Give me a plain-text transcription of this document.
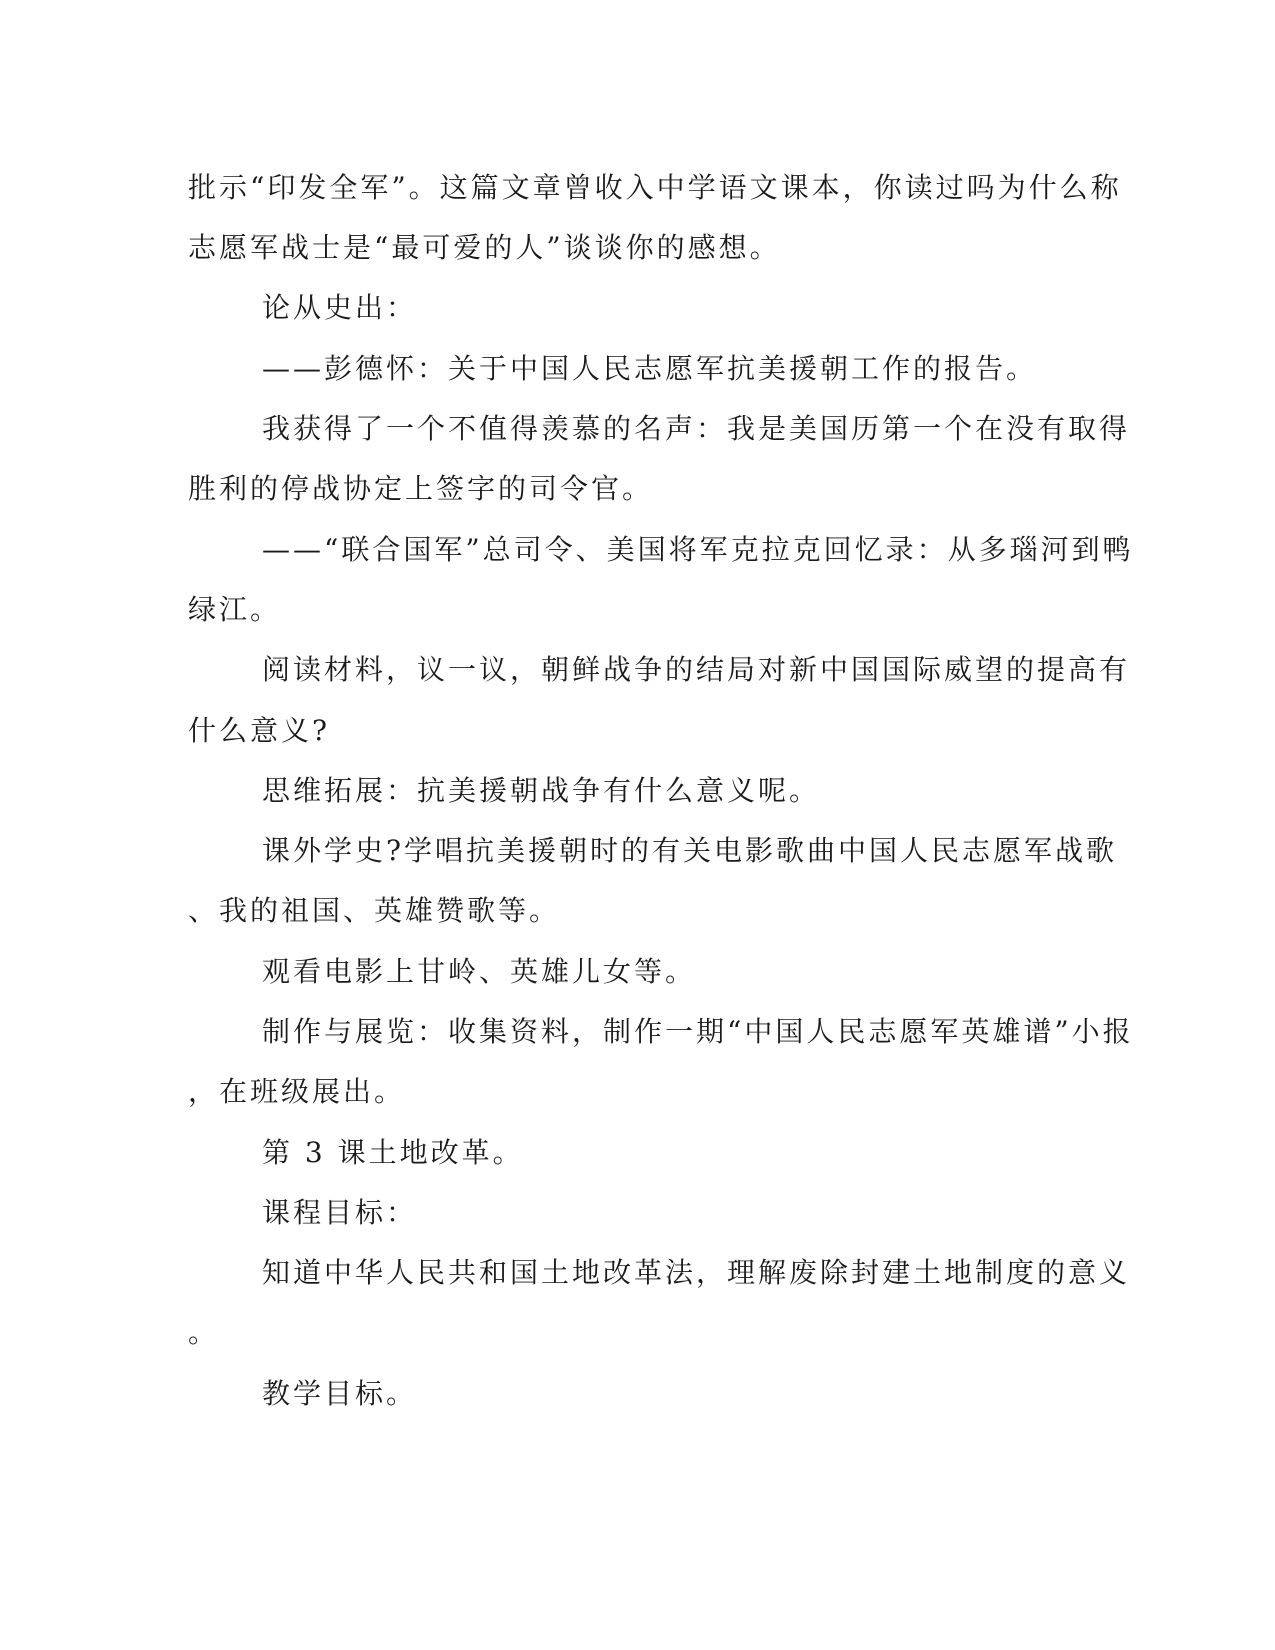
批示“印发全军”。这篇文章曾收入中学语文课本，你读过吗为什么称
志愿军战士是“最可爱的人”谈谈你的感想。
论从史出：
——彭德怀：关于中国人民志愿军抗美援朝工作的报告。
我获得了一个不值得羡慕的名声：我是美国历第一个在没有取得
胜利的停战协定上签字的司令官。
——“联合国军”总司令、美国将军克拉克回忆录：从多瑙河到鸭
绿江。
阅读材料，议一议，朝鲜战争的结局对新中国国际威望的提高有
什么意义?
思维拓展：抗美援朝战争有什么意义呢。
课外学史?学唱抗美援朝时的有关电影歌曲中国人民志愿军战歌
、我的祖国、英雄赞歌等。
观看电影上甘岭、英雄儿女等。
制作与展览：收集资料，制作一期“中国人民志愿军英雄谱”小报
，在班级展出。
第 3 课土地改革。
课程目标：
知道中华人民共和国土地改革法，理解废除封建土地制度的意义
。
教学目标。
